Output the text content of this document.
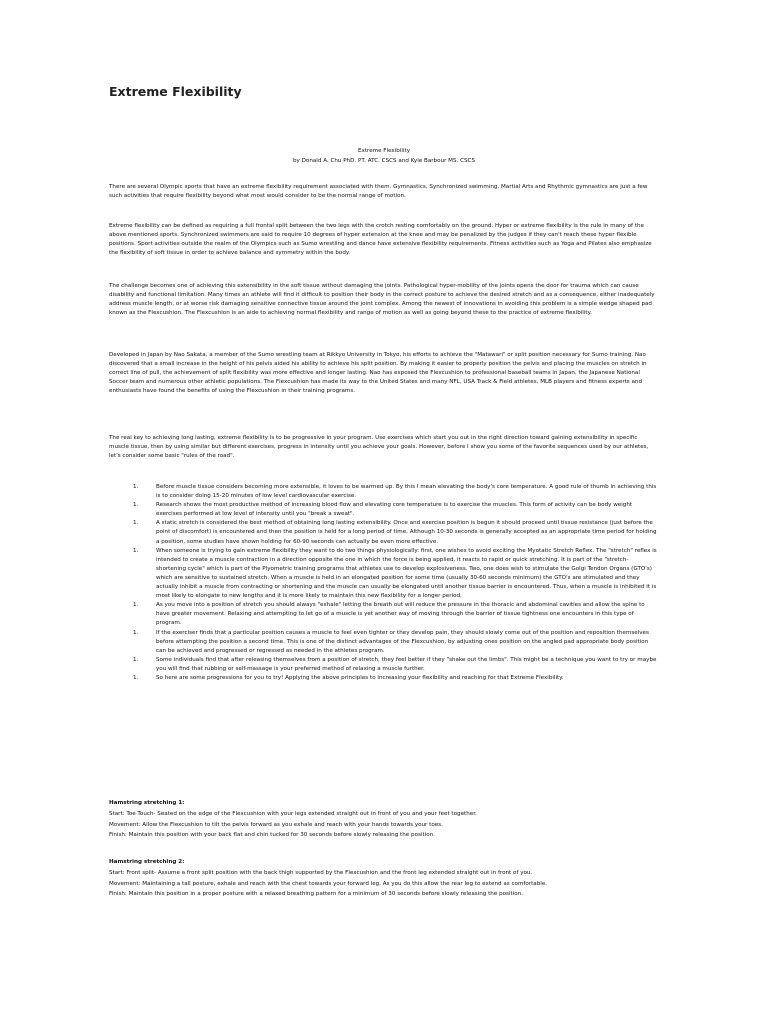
Extreme Flexibility
Extreme Flexibility
by Donald A. Chu PhD. PT. ATC. CSCS and Kyle Barbour MS. CSCS

There are several Olympic sports that have an extreme flexibility requirement associated with them. Gymnastics, Synchronized swimming, Martial Arts and Rhythmic gymnastics are just a few such activities that require flexibility beyond what most would consider to be the normal range of motion.

Extreme flexibility can be defined as requiring a full frontal split between the two legs with the crotch resting comfortably on the ground. Hyper or extreme flexibility is the rule in many of the above mentioned sports. Synchronized swimmers are said to require 10 degrees of hyper extension at the knee and may be penalized by the judges if they can't reach these hyper flexible positions. Sport activities outside the realm of the Olympics such as Sumo wrestling and dance have extensive flexibility requirements. Fitness activities such as Yoga and Pilates also emphasize the flexibility of soft tissue in order to achieve balance and symmetry within the body.

The challenge becomes one of achieving this extensibility in the soft tissue without damaging the joints. Pathological hyper-mobility of the joints opens the door for trauma which can cause disability and functional limitation. Many times an athlete will find it difficult to position their body in the correct posture to achieve the desired stretch and as a consequence, either inadequately address muscle length, or at worse risk damaging sensitive connective tissue around the joint complex. Among the newest of innovations in avoiding this problem is a simple wedge shaped pad known as the Flexcushion. The Flexcushion is an aide to achieving normal flexibility and range of motion as well as going beyond these to the practice of extreme flexibility.

Developed in Japan by Nao Sakata, a member of the Sumo wrestling team at Rikkyo University in Tokyo, his efforts to achieve the "Matawari" or split position necessary for Sumo training. Nao discovered that a small increase in the height of his pelvis aided his ability to achieve his split position. By making it easier to properly position the pelvis and placing the muscles on stretch in correct line of pull, the achievement of split flexibility was more effective and longer lasting. Nao has exposed the Flexcushion to professional baseball teams in Japan, the Japanese National Soccer team and numerous other athletic populations. The Flexcushion has made its way to the United States and many NFL, USA Track & Field athletes, MLB players and fitness experts and enthusiasts have found the benefits of using the Flexcushion in their training programs.

The real key to achieving long lasting, extreme flexibility is to be progressive in your program. Use exercises which start you out in the right direction toward gaining extensibility in specific muscle tissue, then by using similar but different exercises, progress in intensity until you achieve your goals. However, before I show you some of the favorite sequences used by our athletes, let's consider some basic "rules of the road".

1.	Before muscle tissue considers becoming more extensible, it loves to be warmed up. By this I mean elevating the body's core temperature. A good rule of thumb in achieving this is to consider doing 15-20 minutes of low level cardiovascular exercise.
1.	Research shows the most productive method of increasing blood flow and elevating core temperature is to exercise the muscles. This form of activity can be body weight exercises performed at low level of intensity until you "break a sweat".
1.	A static stretch is considered the best method of obtaining long lasting extensibility. Once and exercise position is begun it should proceed until tissue resistance (just before the point of discomfort) is encountered and then the position is held for a long period of time. Although 10-30 seconds is generally accepted as an appropriate time period for holding a position, some studies have shown holding for 60-90 seconds can actually be even more effective.
1.	When someone is trying to gain extreme flexibility they want to do two things physiologically: first, one wishes to avoid exciting the Myotatic Stretch Reflex. The "stretch" reflex is intended to create a muscle contraction in a direction opposite the one in which the force is being applied, it reacts to rapid or quick stretching. It is part of the "stretch-shortening cycle" which is part of the Plyometric training programs that athletes use to develop explosiveness. Two, one does wish to stimulate the Golgi Tendon Organs (GTO's) which are sensitive to sustained stretch. When a muscle is held in an elongated position for some time (usually 30-60 seconds minimum) the GTO's are stimulated and they actually inhibit a muscle from contracting or shortening and the muscle can usually be elongated until another tissue barrier is encountered. Thus, when a muscle is inhibited it is most likely to elongate to new lengths and it is more likely to maintain this new flexibility for a longer period.
1.	As you move into a position of stretch you should always "exhale" letting the breath out will reduce the pressure in the thoracic and abdominal cavities and allow the spine to have greater movement. Relaxing and attempting to let go of a muscle is yet another way of moving through the barrier of tissue tightness one encounters in this type of program.
1.	If the exerciser finds that a particular position causes a muscle to feel even tighter or they develop pain, they should slowly come out of the position and reposition themselves before attempting the position a second time. This is one of the distinct advantages of the Flexcushion, by adjusting ones position on the angled pad appropriate body position can be achieved and progressed or regressed as needed in the athletes program.
1.	Some individuals find that after releasing themselves from a position of stretch, they feel better if they "shake out the limbs". This might be a technique you want to try or maybe you will find that rubbing or self-massage is your preferred method of relaxing a muscle further.
1.	So here are some progressions for you to try! Applying the above principles to increasing your flexibility and reaching for that Extreme Flexibility.
Hamstring stretching 1:
Start: Toe Touch- Seated on the edge of the Flexcushion with your legs extended straight out in front of you and your feet together.
Movement: Allow the Flexcushion to tilt the pelvis forward as you exhale and reach with your hands towards your toes.
Finish: Maintain this position with your back flat and chin tucked for 30 seconds before slowly releasing the position.
Hamstring stretching 2:
Start: Front split- Assume a front split position with the back thigh supported by the Flexcushion and the front leg extended straight out in front of you.
Movement: Maintaining a tall posture, exhale and reach with the chest towards your forward leg. As you do this allow the rear leg to extend as comfortable.
Finish: Maintain this position in a proper posture with a relaxed breathing pattern for a minimum of 30 seconds before slowly releasing the position.
